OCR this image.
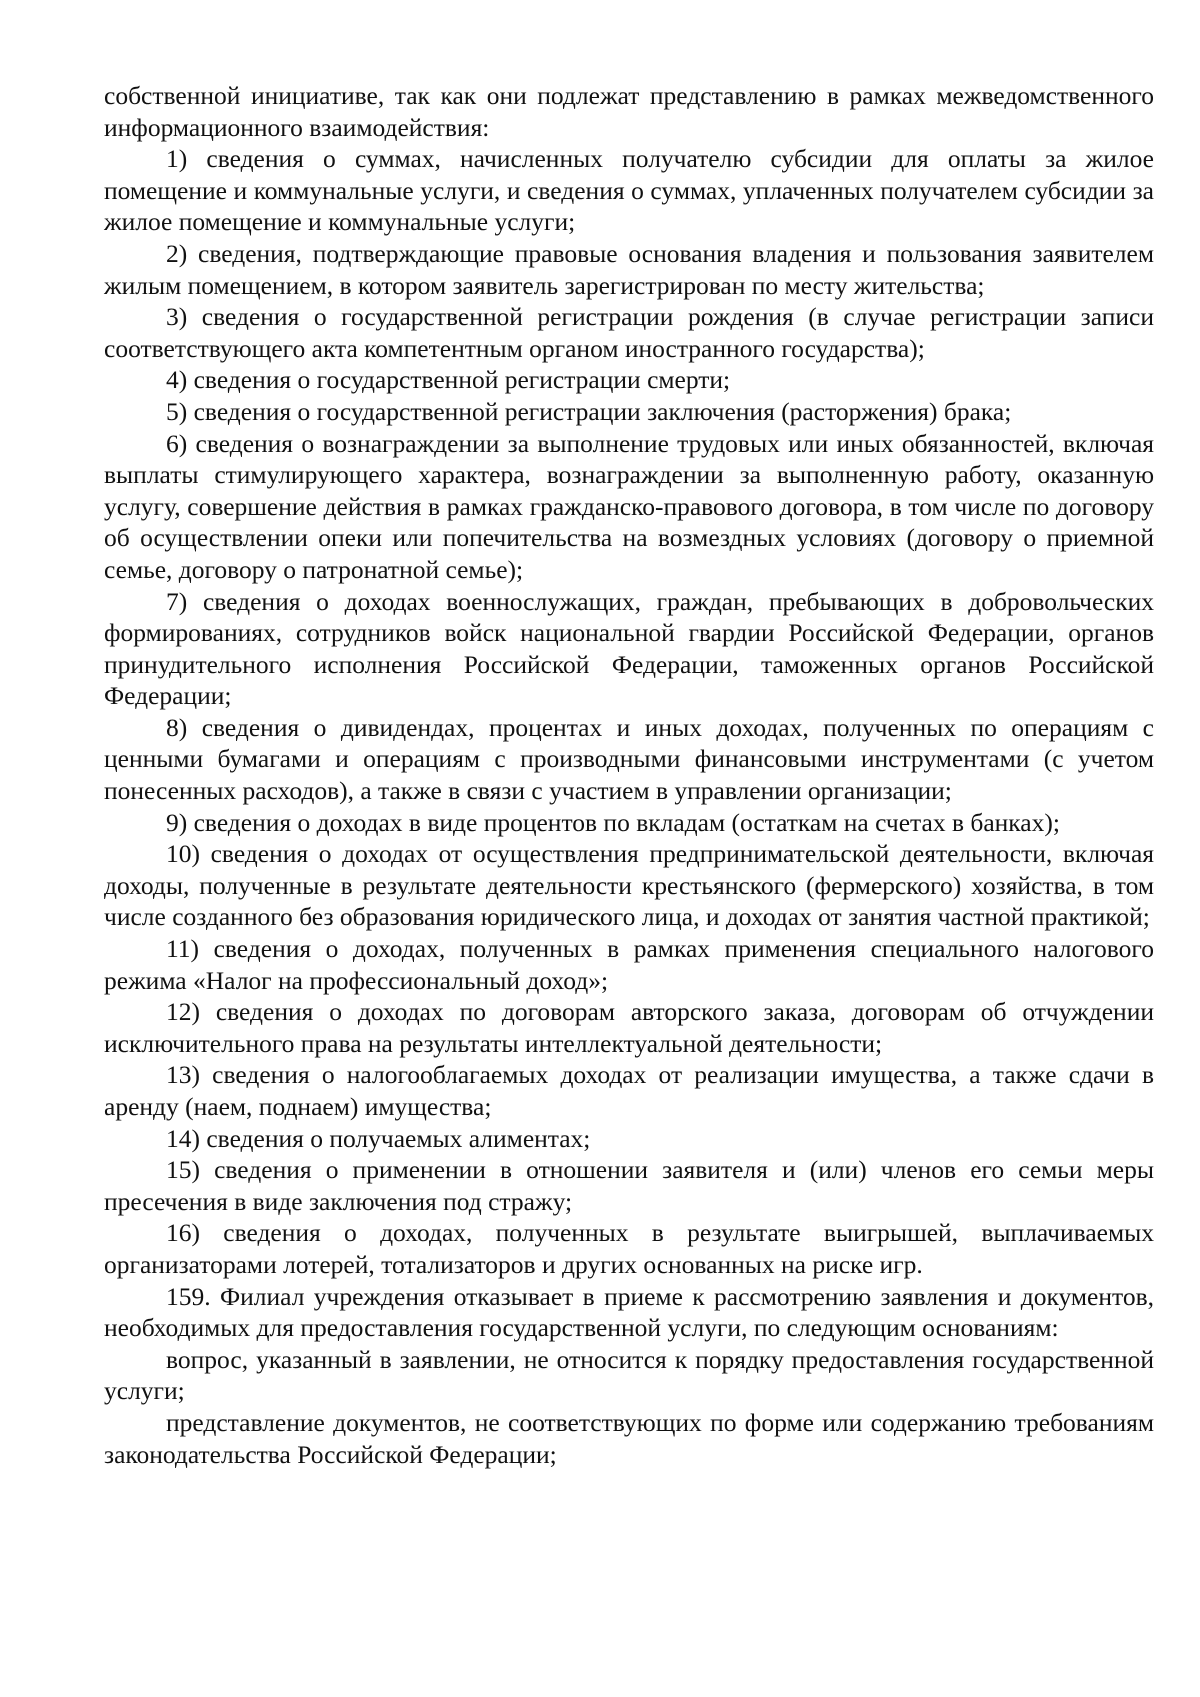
собственной инициативе, так как они подлежат представлению в рамках межведомственного информационного взаимодействия:

1) сведения о суммах, начисленных получателю субсидии для оплаты за жилое помещение и коммунальные услуги, и сведения о суммах, уплаченных получателем субсидии за жилое помещение и коммунальные услуги;

2) сведения, подтверждающие правовые основания владения и пользования заявителем жилым помещением, в котором заявитель зарегистрирован по месту жительства;

3) сведения о государственной регистрации рождения (в случае регистрации записи соответствующего акта компетентным органом иностранного государства);

4) сведения о государственной регистрации смерти;

5) сведения о государственной регистрации заключения (расторжения) брака;

6) сведения о вознаграждении за выполнение трудовых или иных обязанностей, включая выплаты стимулирующего характера, вознаграждении за выполненную работу, оказанную услугу, совершение действия в рамках гражданско-правового договора, в том числе по договору об осуществлении опеки или попечительства на возмездных условиях (договору о приемной семье, договору о патронатной семье);

7) сведения о доходах военнослужащих, граждан, пребывающих в добровольческих формированиях, сотрудников войск национальной гвардии Российской Федерации, органов принудительного исполнения Российской Федерации, таможенных органов Российской Федерации;

8) сведения о дивидендах, процентах и иных доходах, полученных по операциям с ценными бумагами и операциям с производными финансовыми инструментами (с учетом понесенных расходов), а также в связи с участием в управлении организации;

9) сведения о доходах в виде процентов по вкладам (остаткам на счетах в банках);

10) сведения о доходах от осуществления предпринимательской деятельности, включая доходы, полученные в результате деятельности крестьянского (фермерского) хозяйства, в том числе созданного без образования юридического лица, и доходах от занятия частной практикой;

11) сведения о доходах, полученных в рамках применения специального налогового режима «Налог на профессиональный доход»;

12) сведения о доходах по договорам авторского заказа, договорам об отчуждении исключительного права на результаты интеллектуальной деятельности;

13) сведения о налогооблагаемых доходах от реализации имущества, а также сдачи в аренду (наем, поднаем) имущества;

14) сведения о получаемых алиментах;

15) сведения о применении в отношении заявителя и (или) членов его семьи меры пресечения в виде заключения под стражу;

16) сведения о доходах, полученных в результате выигрышей, выплачиваемых организаторами лотерей, тотализаторов и других основанных на риске игр.

159. Филиал учреждения отказывает в приеме к рассмотрению заявления и документов, необходимых для предоставления государственной услуги, по следующим основаниям:

вопрос, указанный в заявлении, не относится к порядку предоставления государственной услуги;

представление документов, не соответствующих по форме или содержанию требованиям законодательства Российской Федерации;
